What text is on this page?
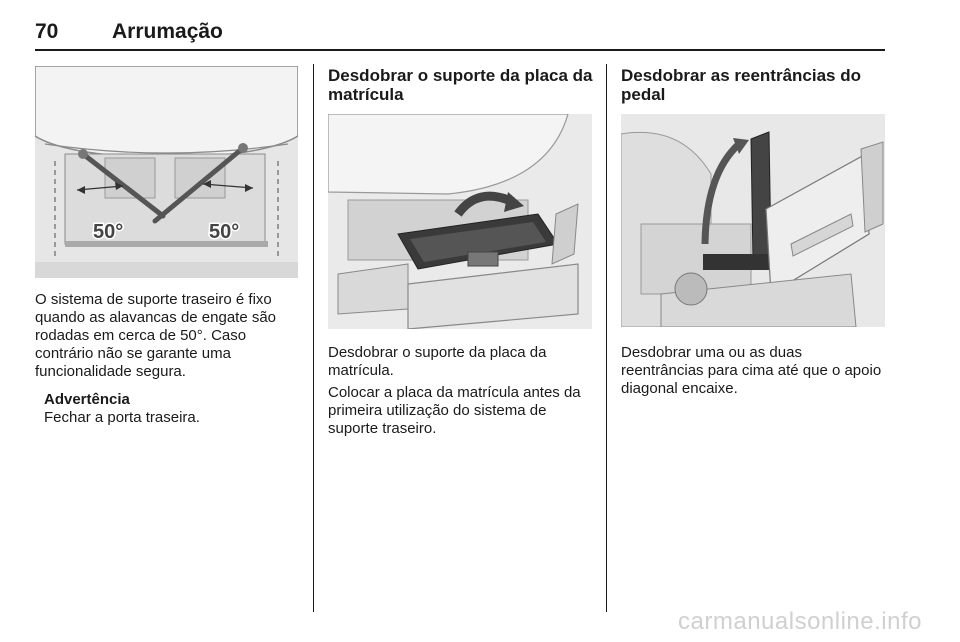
70	Arrumação
50°	50°
O sistema de suporte traseiro é fixo quando as alavancas de engate são rodadas em cerca de 50°. Caso contrário não se garante uma funcionalidade segura.
Advertência
Fechar a porta traseira.
Desdobrar o suporte da placa da matrícula
Desdobrar o suporte da placa da matrícula.
Colocar a placa da matrícula antes da primeira utilização do sistema de suporte traseiro.
Desdobrar as reentrâncias do pedal
Desdobrar uma ou as duas reentrâncias para cima até que o apoio diagonal encaixe.
carmanualsonline.info
